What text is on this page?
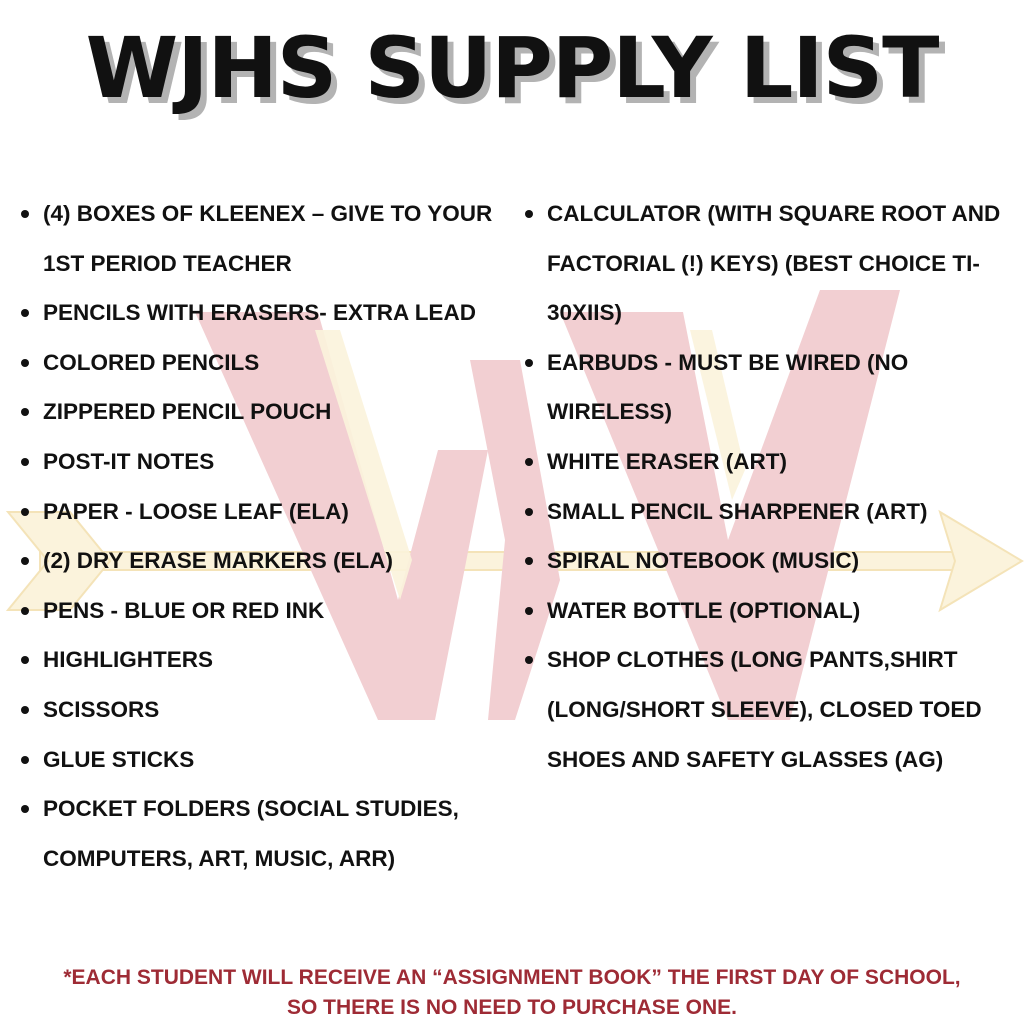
WJHS SUPPLY LIST
(4) BOXES OF KLEENEX – GIVE TO YOUR 1ST PERIOD TEACHER
PENCILS WITH ERASERS- EXTRA LEAD
COLORED PENCILS
ZIPPERED PENCIL POUCH
POST-IT NOTES
PAPER - LOOSE LEAF (ELA)
(2) DRY ERASE MARKERS (ELA)
PENS - BLUE OR RED INK
HIGHLIGHTERS
SCISSORS
GLUE STICKS
POCKET FOLDERS (SOCIAL STUDIES, COMPUTERS, ART, MUSIC, ARR)
CALCULATOR (WITH SQUARE ROOT AND FACTORIAL (!) KEYS) (BEST CHOICE TI-30XIIS)
EARBUDS - MUST BE WIRED (NO WIRELESS)
WHITE ERASER (ART)
SMALL PENCIL SHARPENER (ART)
SPIRAL NOTEBOOK (MUSIC)
WATER BOTTLE (OPTIONAL)
SHOP CLOTHES (LONG PANTS,SHIRT (LONG/SHORT SLEEVE), CLOSED TOED SHOES AND SAFETY GLASSES (AG)

*EACH STUDENT WILL RECEIVE AN “ASSIGNMENT BOOK” THE FIRST DAY OF SCHOOL, SO THERE IS NO NEED TO PURCHASE ONE.
